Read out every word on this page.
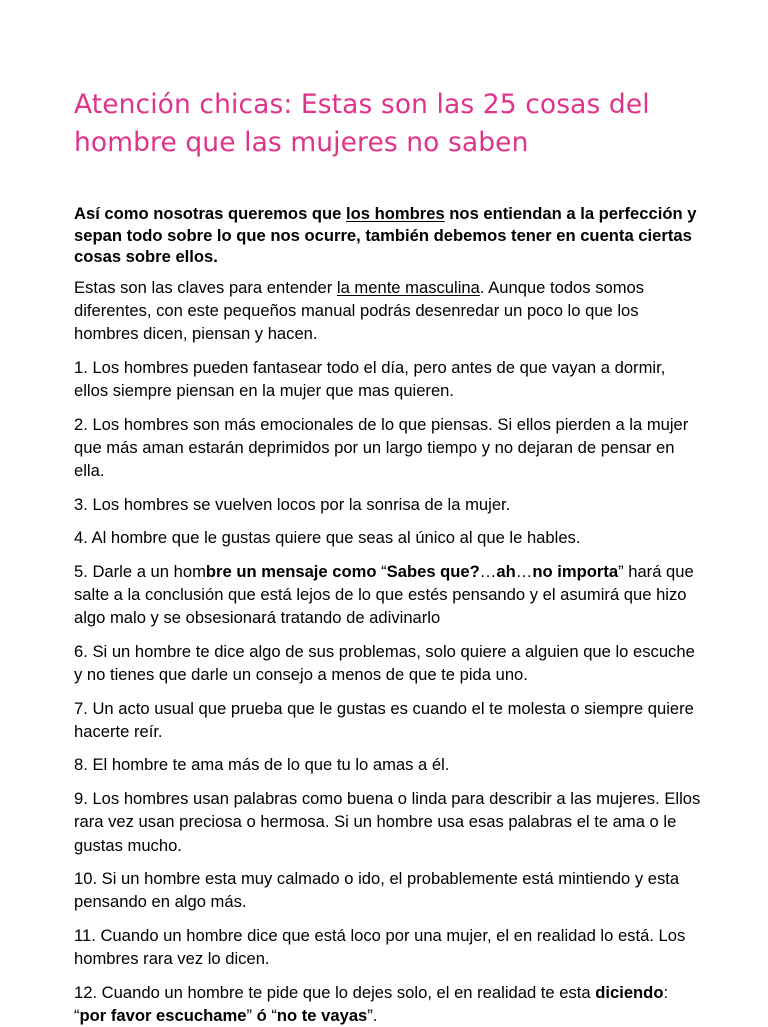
Atención chicas: Estas son las 25 cosas del hombre que las mujeres no saben

Así como nosotras queremos que los hombres nos entiendan a la perfección y sepan todo sobre lo que nos ocurre, también debemos tener en cuenta ciertas cosas sobre ellos.

Estas son las claves para entender la mente masculina. Aunque todos somos diferentes, con este pequeños manual podrás desenredar un poco lo que los hombres dicen, piensan y hacen.

1. Los hombres pueden fantasear todo el día, pero antes de que vayan a dormir, ellos siempre piensan en la mujer que mas quieren.

2. Los hombres son más emocionales de lo que piensas. Si ellos pierden a la mujer que más aman estarán deprimidos por un largo tiempo y no dejaran de pensar en ella.

3. Los hombres se vuelven locos por la sonrisa de la mujer.

4. Al hombre que le gustas quiere que seas al único al que le hables.

5. Darle a un hombre un mensaje como “Sabes que?…ah…no importa” hará que salte a la conclusión que está lejos de lo que estés pensando y el asumirá que hizo algo malo y se obsesionará tratando de adivinarlo

6. Si un hombre te dice algo de sus problemas, solo quiere a alguien que lo escuche y no tienes que darle un consejo a menos de que te pida uno.

7. Un acto usual que prueba que le gustas es cuando el te molesta o siempre quiere hacerte reír.

8. El hombre te ama más de lo que tu lo amas a él.

9. Los hombres usan palabras como buena o linda para describir a las mujeres. Ellos rara vez usan preciosa o hermosa. Si un hombre usa esas palabras el te ama o le gustas mucho.

10. Si un hombre esta muy calmado o ido, el probablemente está mintiendo y esta pensando en algo más.

11. Cuando un hombre dice que está loco por una mujer, el en realidad lo está. Los hombres rara vez lo dicen.

12. Cuando un hombre te pide que lo dejes solo, el en realidad te esta diciendo: “por favor escuchame” ó “no te vayas”.
